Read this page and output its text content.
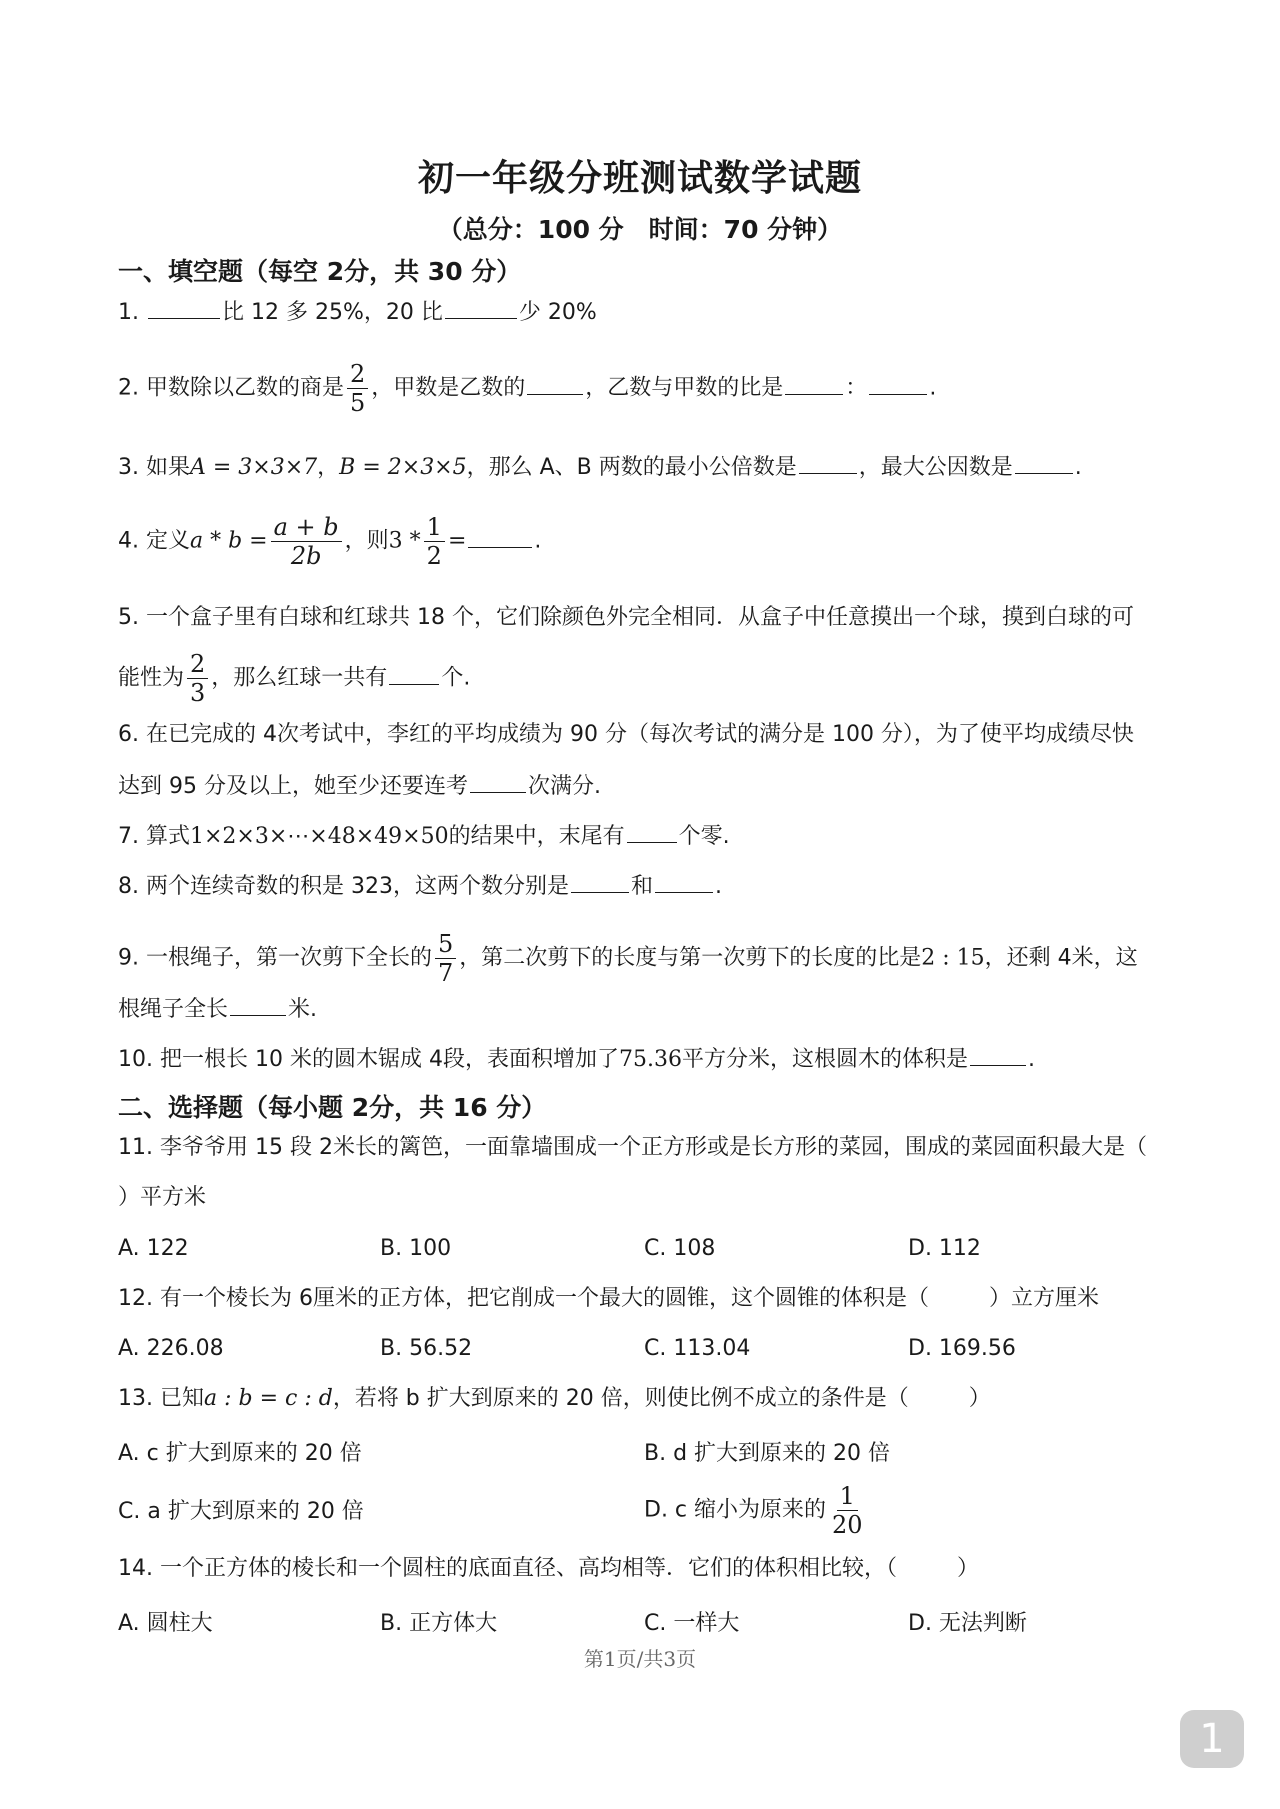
初一年级分班测试数学试题
（总分：100 分　时间：70 分钟）
一、填空题（每空 2分，共 30 分）
1.	比 12 多 25%，20 比	少 20%
2. 甲数除以乙数的商是 $\frac{2}{5}$ ，甲数是乙数的	，乙数与甲数的比是	：	.
3. 如果A = 3×3×7，B = 2×3×5，那么 A、B 两数的最小公倍数是	，最大公因数是	.
4. 定义$a * b = \frac{a + b}{2b}$ ，则$3 * \frac{1}{2}$ =	.
5. 一个盒子里有白球和红球共 18 个，它们除颜色外完全相同．从盒子中任意摸出一个球，摸到白球的可
能性为 $\frac{2}{3}$ ，那么红球一共有 个.
6. 在已完成的 4次考试中，李红的平均成绩为 90 分（每次考试的满分是 100 分），为了使平均成绩尽快
达到 95 分及以上，她至少还要连考	次满分.
7. 算式1×2×3×⋯×48×49×50的结果中，末尾有 个零.
8. 两个连续奇数的积是 323，这两个数分别是	和	.
9. 一根绳子，第一次剪下全长的 $\frac{5}{7}$ ，第二次剪下的长度与第一次剪下的长度的比是2 : 15，还剩 4米，这
根绳子全长	米.
10. 把一根长 10 米的圆木锯成 4段，表面积增加了75.36平方分米，这根圆木的体积是	.
二、选择题（每小题 2分，共 16 分）
11. 李爷爷用 15 段 2米长的篱笆，一面靠墙围成一个正方形或是长方形的菜园，围成的菜园面积最大是（
）平方米
A. 122	B. 100	C. 108	D. 112
12. 有一个棱长为 6厘米的正方体，把它削成一个最大的圆锥，这个圆锥的体积是（	）立方厘米
A. 226.08	B. 56.52	C. 113.04	D. 169.56
13. 已知a : b = c : d，若将 b 扩大到原来的 20 倍，则使比例不成立的条件是（	）
A. c 扩大到原来的 20 倍	B. d 扩大到原来的 20 倍
C. a 扩大到原来的 20 倍	D. c 缩小为原来的 $\frac{1}{20}$
14. 一个正方体的棱长和一个圆柱的底面直径、高均相等．它们的体积相比较，（	）
A. 圆柱大	B. 正方体大	C. 一样大	D. 无法判断
第1页/共3页
1
